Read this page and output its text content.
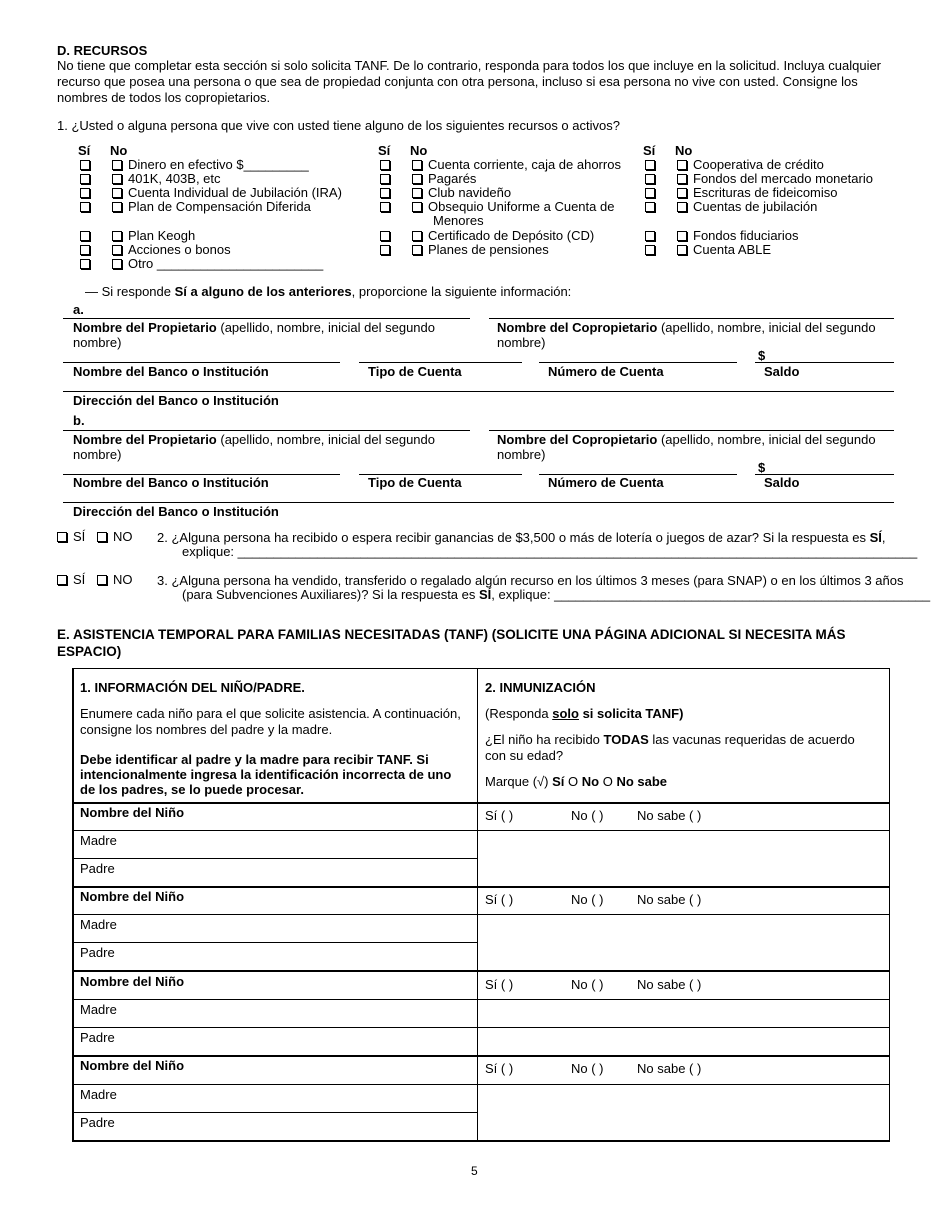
D. RECURSOS
No tiene que completar esta sección si solo solicita TANF. De lo contrario, responda para todos los que incluye en la solicitud. Incluya cualquier recurso que posea una persona o que sea de propiedad conjunta con otra persona, incluso si esa persona no vive con usted. Consigne los nombres de todos los copropietarios.
1. ¿Usted o alguna persona que vive con usted tiene alguno de los siguientes recursos o activos?
Sí No	Sí No	Sí No
Dinero en efectivo $_________
401K, 403B, etc
Cuenta Individual de Jubilación (IRA)
Plan de Compensación Diferida
Plan Keogh
Acciones o bonos
Otro _______________________
Cuenta corriente, caja de ahorros
Pagarés
Club navideño
Obsequio Uniforme a Cuenta de
Menores
Certificado de Depósito (CD)
Planes de pensiones
Cooperativa de crédito
Fondos del mercado monetario
Escrituras de fideicomiso
Cuentas de jubilación
Fondos fiduciarios
Cuenta ABLE
— Si responde Sí a alguno de los anteriores, proporcione la siguiente información:
a.
Nombre del Propietario (apellido, nombre, inicial del segundo nombre)
Nombre del Copropietario (apellido, nombre, inicial del segundo nombre)
$
Nombre del Banco o Institución	Tipo de Cuenta	Número de Cuenta	Saldo
Dirección del Banco o Institución
b.
Nombre del Propietario (apellido, nombre, inicial del segundo nombre)
Nombre del Copropietario (apellido, nombre, inicial del segundo nombre)
$
Nombre del Banco o Institución	Tipo de Cuenta	Número de Cuenta	Saldo
Dirección del Banco o Institución
SÍ	NO 2. ¿Alguna persona ha recibido o espera recibir ganancias de $3,500 o más de lotería o juegos de azar? Si la respuesta es SÍ,
explique: ______________________________________________________________________________________________
SÍ	NO 3. ¿Alguna persona ha vendido, transferido o regalado algún recurso en los últimos 3 meses (para SNAP) o en los últimos 3 años
(para Subvenciones Auxiliares)? Si la respuesta es SÍ, explique: ____________________________________________________
E. ASISTENCIA TEMPORAL PARA FAMILIAS NECESITADAS (TANF) (SOLICITE UNA PÁGINA ADICIONAL SI NECESITA MÁS ESPACIO)
1. INFORMACIÓN DEL NIÑO/PADRE.
Enumere cada niño para el que solicite asistencia. A continuación, consigne los nombres del padre y la madre.
Debe identificar al padre y la madre para recibir TANF. Si intencionalmente ingresa la identificación incorrecta de uno de los padres, se lo puede procesar.
2. INMUNIZACIÓN
(Responda solo si solicita TANF)
¿El niño ha recibido TODAS las vacunas requeridas de acuerdo con su edad?
Marque (√) Sí O No O No sabe
Nombre del Niño	Sí ( )	No ( )	No sabe ( )
Madre
Padre
Nombre del Niño	Sí ( )	No ( )	No sabe ( )
Madre
Padre
Nombre del Niño	Sí ( )	No ( )	No sabe ( )
Madre
Padre
Nombre del Niño	Sí ( )	No ( )	No sabe ( )
Madre
Padre
5
